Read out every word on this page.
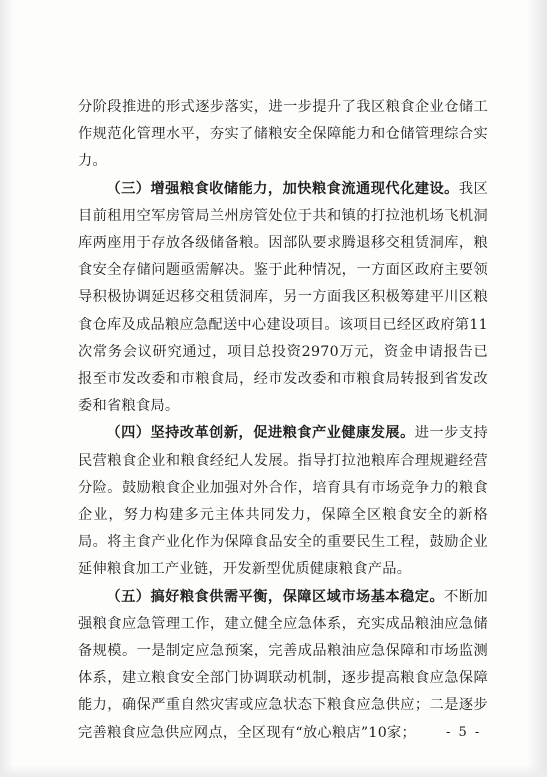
分阶段推进的形式逐步落实，进一步提升了我区粮食企业仓储工作规范化管理水平，夯实了储粮安全保障能力和仓储管理综合实力。

（三）增强粮食收储能力，加快粮食流通现代化建设。我区目前租用空军房管局兰州房管处位于共和镇的打拉池机场飞机洞库两座用于存放各级储备粮。因部队要求腾退移交租赁洞库，粮食安全存储问题亟需解决。鉴于此种情况，一方面区政府主要领导积极协调延迟移交租赁洞库，另一方面我区积极筹建平川区粮食仓库及成品粮应急配送中心建设项目。该项目已经区政府第11次常务会议研究通过，项目总投资2970万元，资金申请报告已报至市发改委和市粮食局，经市发改委和市粮食局转报到省发改委和省粮食局。

（四）坚持改革创新，促进粮食产业健康发展。进一步支持民营粮食企业和粮食经纪人发展。指导打拉池粮库合理规避经营分险。鼓励粮食企业加强对外合作，培育具有市场竞争力的粮食企业，努力构建多元主体共同发力，保障全区粮食安全的新格局。将主食产业化作为保障食品安全的重要民生工程，鼓励企业延伸粮食加工产业链，开发新型优质健康粮食产品。

（五）搞好粮食供需平衡，保障区域市场基本稳定。不断加强粮食应急管理工作，建立健全应急体系，充实成品粮油应急储备规模。一是制定应急预案，完善成品粮油应急保障和市场监测体系，建立粮食安全部门协调联动机制，逐步提高粮食应急保障能力，确保严重自然灾害或应急状态下粮食应急供应；二是逐步完善粮食应急供应网点，全区现有“放心粮店”10家；	- 5 -
